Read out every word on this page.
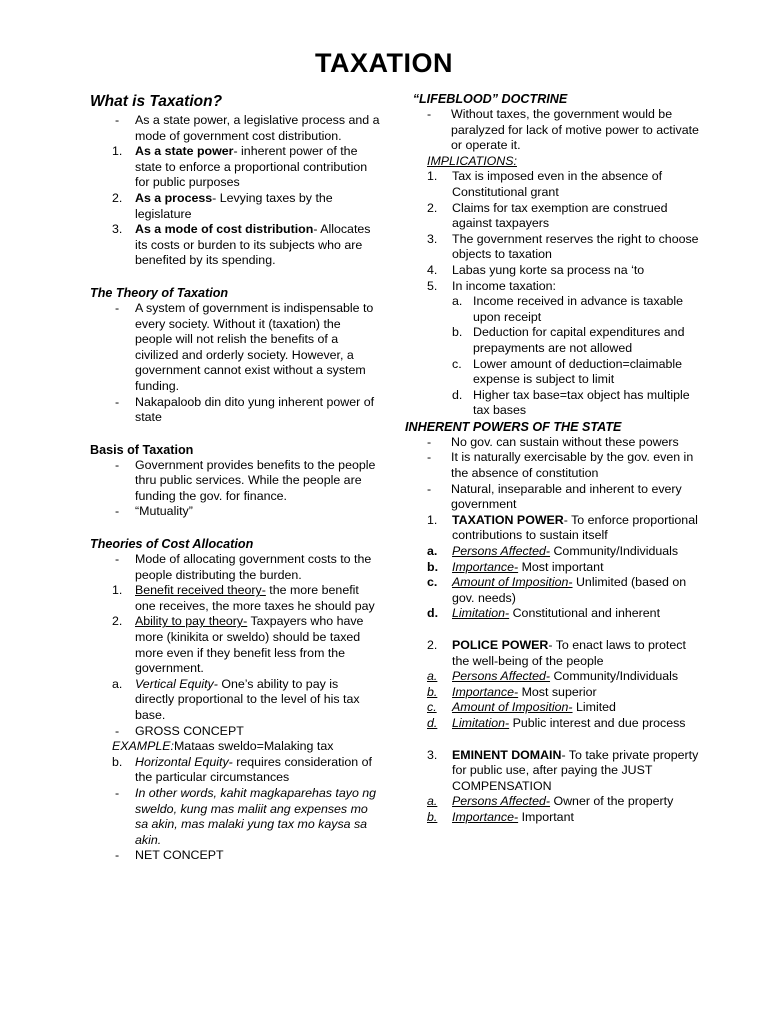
TAXATION
What is Taxation?
-	As a state power, a legislative process and a mode of government cost distribution.
1.	As a state power- inherent power of the state to enforce a proportional contribution for public purposes
2.	As a process- Levying taxes by the legislature
3.	As a mode of cost distribution- Allocates its costs or burden to its subjects who are benefited by its spending.
The Theory of Taxation
-	A system of government is indispensable to every society. Without it (taxation) the people will not relish the benefits of a civilized and orderly society. However, a government cannot exist without a system funding.
-	Nakapaloob din dito yung inherent power of state
Basis of Taxation
-	Government provides benefits to the people thru public services. While the people are funding the gov. for finance.
-	“Mutuality”
Theories of Cost Allocation
-	Mode of allocating government costs to the people distributing the burden.
1.	Benefit received theory- the more benefit one receives, the more taxes he should pay
2.	Ability to pay theory- Taxpayers who have more (kinikita or sweldo) should be taxed more even if they benefit less from the government.
a.	Vertical Equity- One’s ability to pay is directly proportional to the level of his tax base.
-	GROSS CONCEPT
EXAMPLE: Mataas sweldo=Malaking tax
b.	Horizontal Equity- requires consideration of the particular circumstances
-	In other words, kahit magkaparehas tayo ng sweldo, kung mas maliit ang expenses mo sa akin, mas malaki yung tax mo kaysa sa akin.
-	NET CONCEPT
“LIFEBLOOD” DOCTRINE
-	Without taxes, the government would be paralyzed for lack of motive power to activate or operate it.
IMPLICATIONS:
1.	Tax is imposed even in the absence of Constitutional grant
2.	Claims for tax exemption are construed against taxpayers
3.	The government reserves the right to choose objects to taxation
4.	Labas yung korte sa process na ‘to
5.	In income taxation:
a. Income received in advance is taxable upon receipt
b. Deduction for capital expenditures and prepayments are not allowed
c. Lower amount of deduction=claimable expense is subject to limit
d. Higher tax base=tax object has multiple tax bases
INHERENT POWERS OF THE STATE
-	No gov. can sustain without these powers
-	It is naturally exercisable by the gov. even in the absence of constitution
-	Natural, inseparable and inherent to every government
1.	TAXATION POWER- To enforce proportional contributions to sustain itself
a.	Persons Affected- Community/Individuals
b.	Importance- Most important
c.	Amount of Imposition- Unlimited (based on gov. needs)
d.	Limitation- Constitutional and inherent
2.	POLICE POWER- To enact laws to protect the well-being of the people
a.	Persons Affected- Community/Individuals
b.	Importance- Most superior
c.	Amount of Imposition- Limited
d.	Limitation- Public interest and due process
3.	EMINENT DOMAIN- To take private property for public use, after paying the JUST COMPENSATION
a.	Persons Affected- Owner of the property
b.	Importance- Important
